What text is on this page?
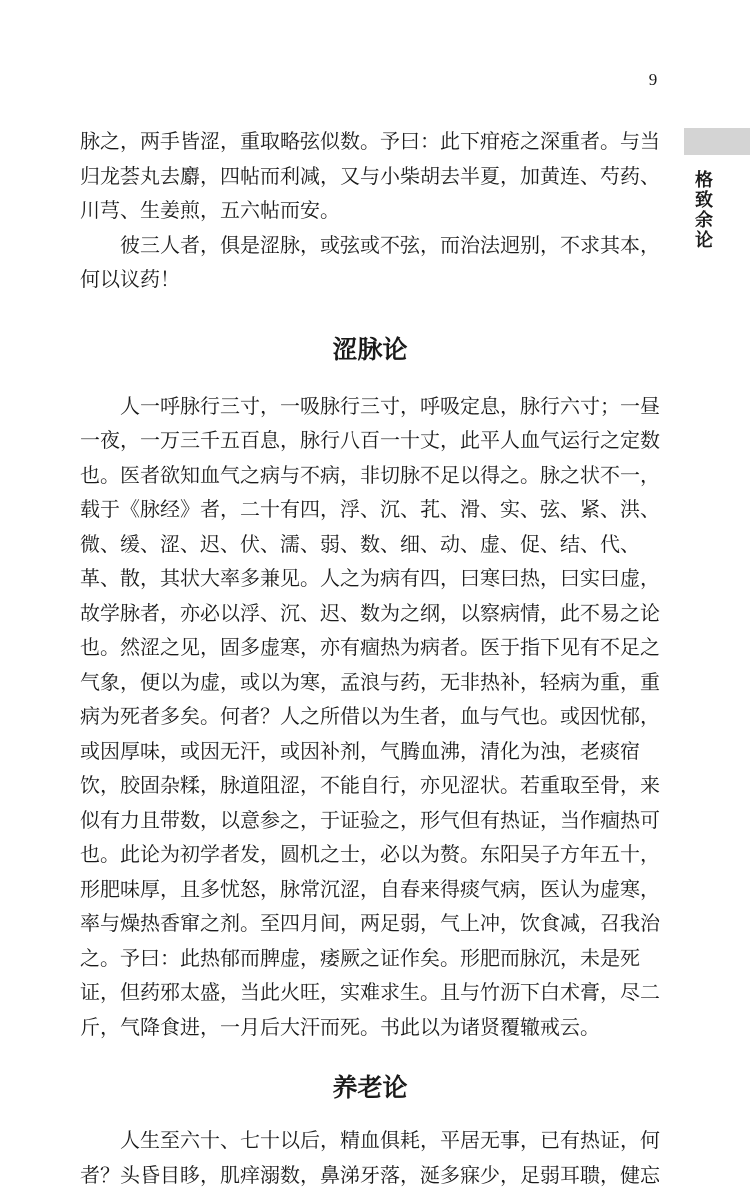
9
格致余论
脉之，两手皆涩，重取略弦似数。予曰：此下疳疮之深重者。与当
归龙荟丸去麝，四帖而利减，又与小柴胡去半夏，加黄连、芍药、
川芎、生姜煎，五六帖而安。
　　彼三人者，俱是涩脉，或弦或不弦，而治法迥别，不求其本，
何以议药！
涩脉论
　　人一呼脉行三寸，一吸脉行三寸，呼吸定息，脉行六寸；一昼
一夜，一万三千五百息，脉行八百一十丈，此平人血气运行之定数
也。医者欲知血气之病与不病，非切脉不足以得之。脉之状不一，
载于《脉经》者，二十有四，浮、沉、芤、滑、实、弦、紧、洪、
微、缓、涩、迟、伏、濡、弱、数、细、动、虚、促、结、代、
革、散，其状大率多兼见。人之为病有四，曰寒曰热，曰实曰虚，
故学脉者，亦必以浮、沉、迟、数为之纲，以察病情，此不易之论
也。然涩之见，固多虚寒，亦有痼热为病者。医于指下见有不足之
气象，便以为虚，或以为寒，孟浪与药，无非热补，轻病为重，重
病为死者多矣。何者？人之所借以为生者，血与气也。或因忧郁，
或因厚味，或因无汗，或因补剂，气腾血沸，清化为浊，老痰宿
饮，胶固杂糅，脉道阻涩，不能自行，亦见涩状。若重取至骨，来
似有力且带数，以意参之，于证验之，形气但有热证，当作痼热可
也。此论为初学者发，圆机之士，必以为赘。东阳吴子方年五十，
形肥味厚，且多忧怒，脉常沉涩，自春来得痰气病，医认为虚寒，
率与燥热香窜之剂。至四月间，两足弱，气上冲，饮食减，召我治
之。予曰：此热郁而脾虚，痿厥之证作矣。形肥而脉沉，未是死
证，但药邪太盛，当此火旺，实难求生。且与竹沥下白术膏，尽二
斤，气降食进，一月后大汗而死。书此以为诸贤覆辙戒云。
养老论
　　人生至六十、七十以后，精血俱耗，平居无事，已有热证，何
者？头昏目眵，肌痒溺数，鼻涕牙落，涎多寐少，足弱耳聩，健忘
